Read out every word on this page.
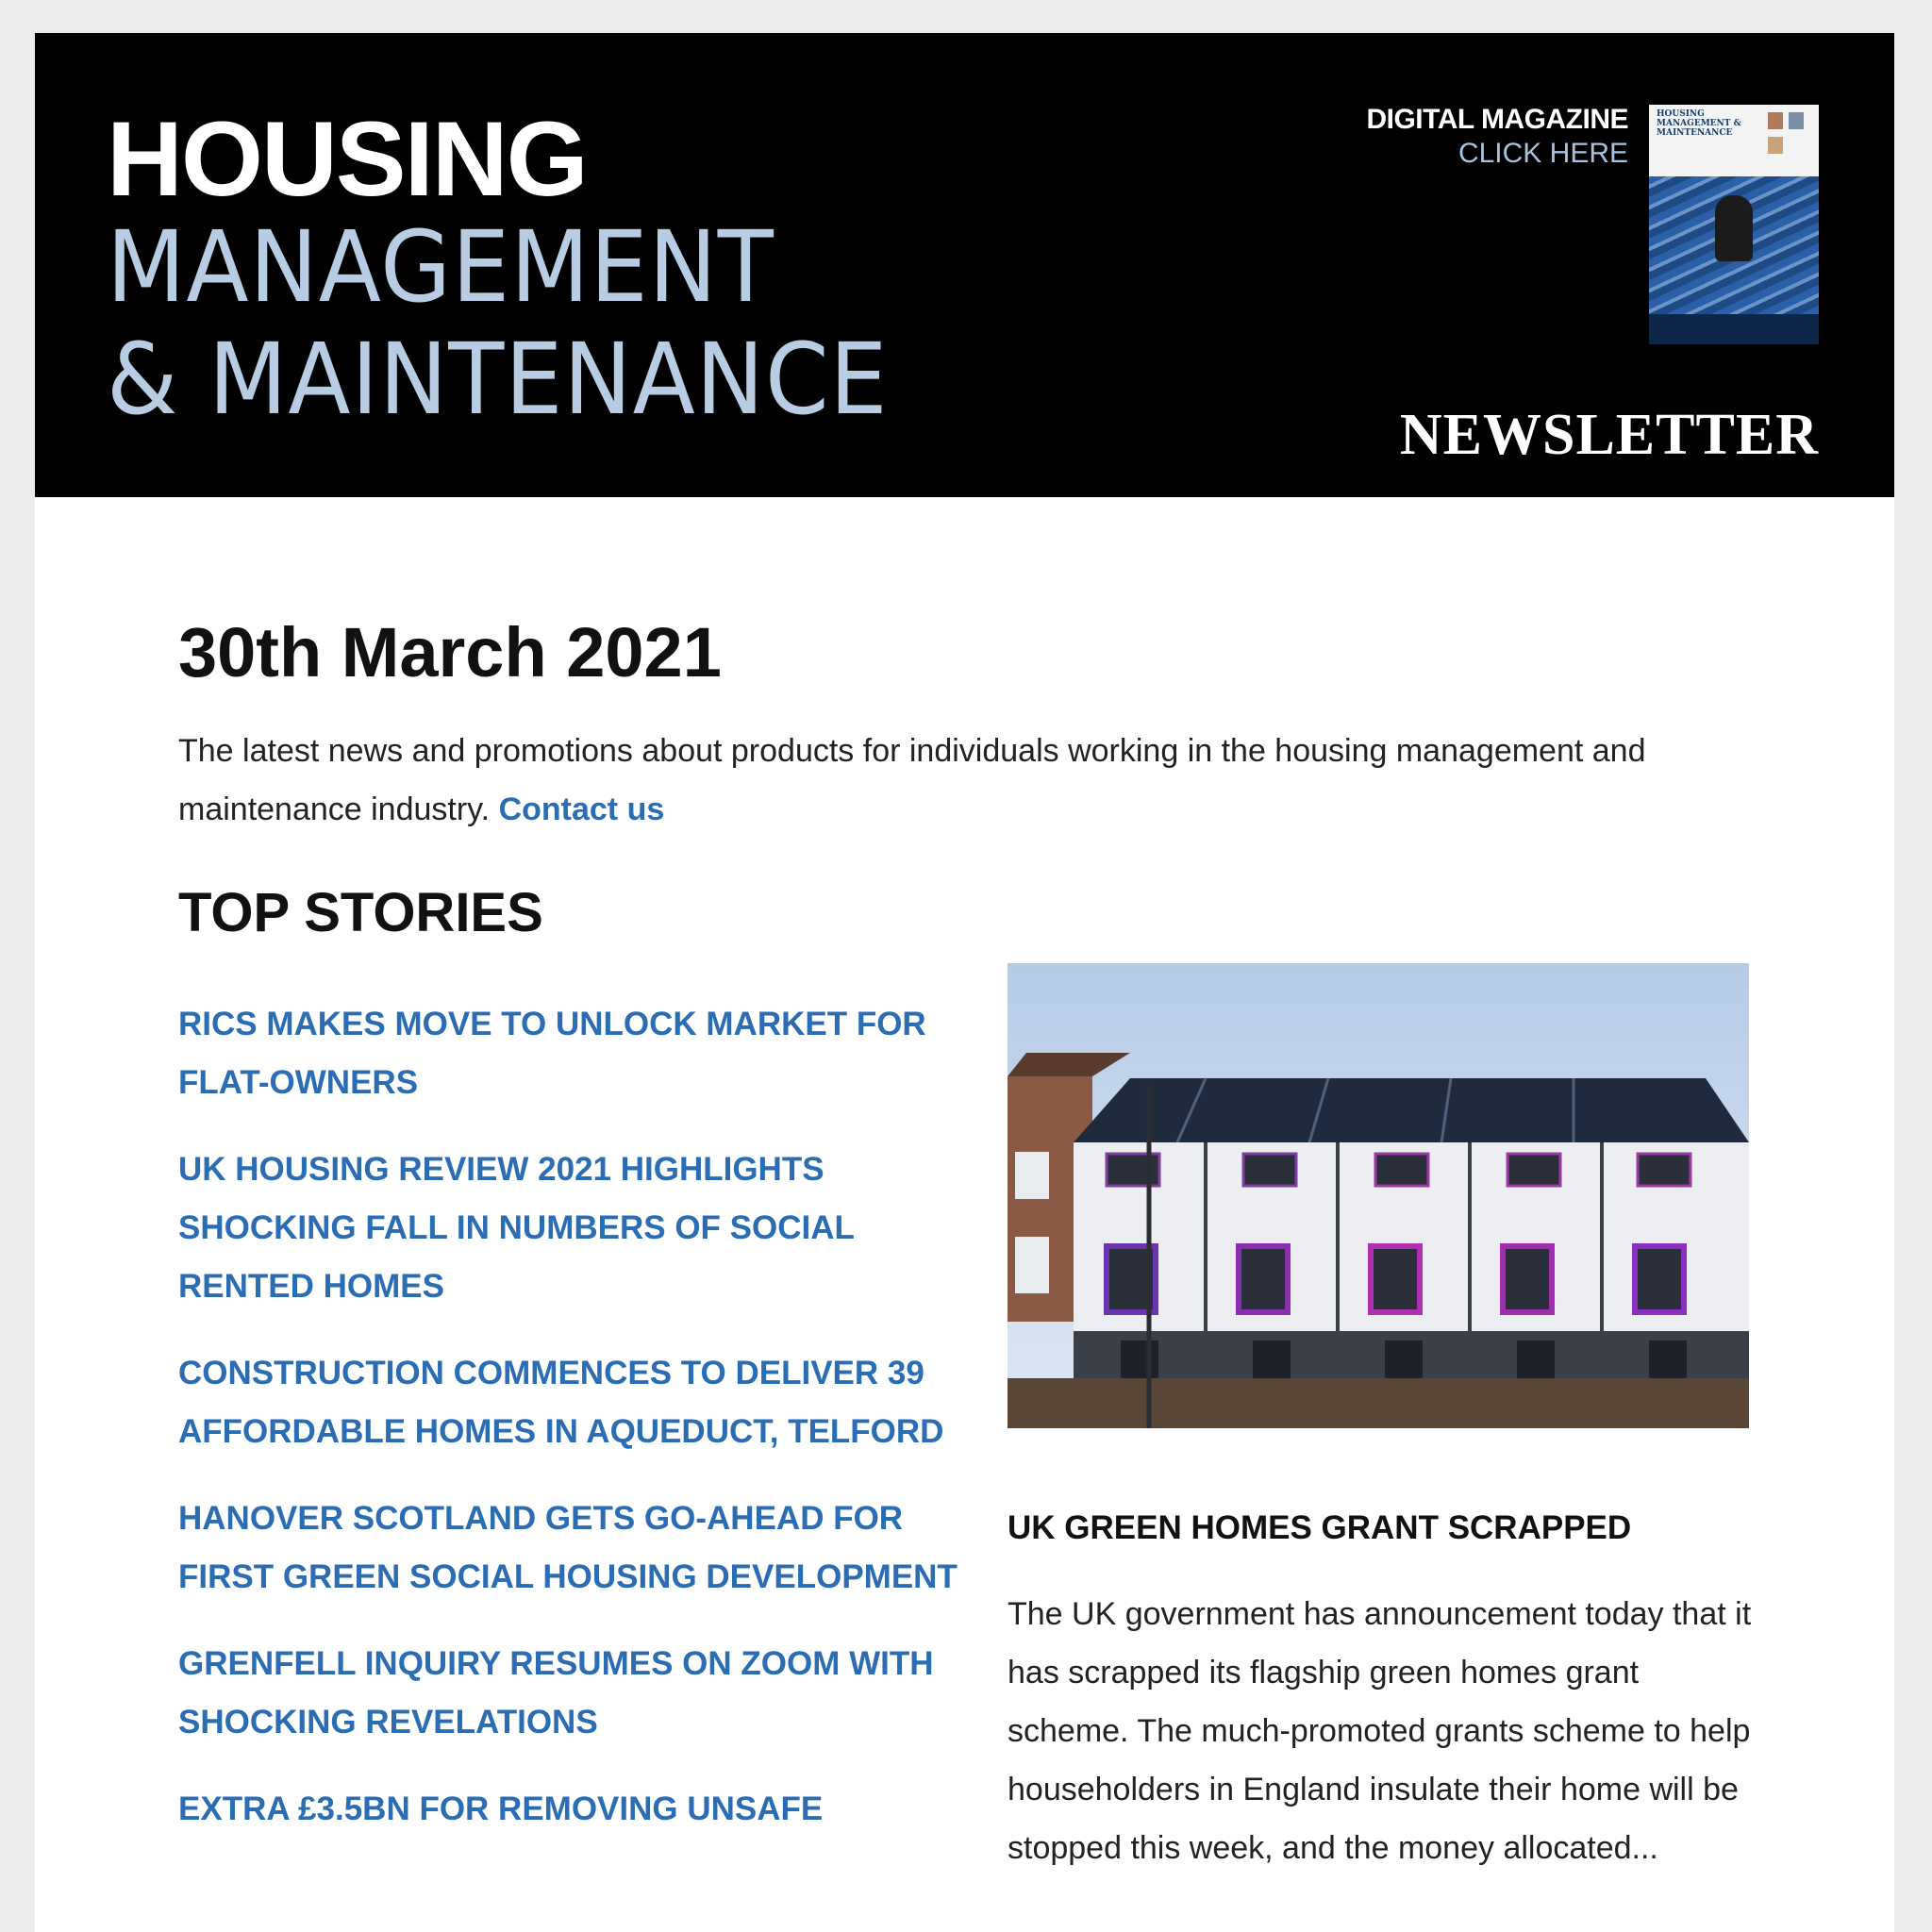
HOUSING
MANAGEMENT
& MAINTENANCE
DIGITAL MAGAZINE
CLICK HERE
HOUSING MANAGEMENT & MAINTENANCE
NEWSLETTER
30th March 2021

The latest news and promotions about products for individuals working in the housing management and maintenance industry. Contact us

TOP STORIES
RICS MAKES MOVE TO UNLOCK MARKET FOR FLAT-OWNERS
UK HOUSING REVIEW 2021 HIGHLIGHTS SHOCKING FALL IN NUMBERS OF SOCIAL RENTED HOMES
CONSTRUCTION COMMENCES TO DELIVER 39 AFFORDABLE HOMES IN AQUEDUCT, TELFORD
HANOVER SCOTLAND GETS GO-AHEAD FOR FIRST GREEN SOCIAL HOUSING DEVELOPMENT
GRENFELL INQUIRY RESUMES ON ZOOM WITH SHOCKING REVELATIONS
EXTRA £3.5BN FOR REMOVING UNSAFE
UK GREEN HOMES GRANT SCRAPPED

The UK government has announcement today that it has scrapped its flagship green homes grant scheme. The much-promoted grants scheme to help householders in England insulate their home will be stopped this week, and the money allocated...
